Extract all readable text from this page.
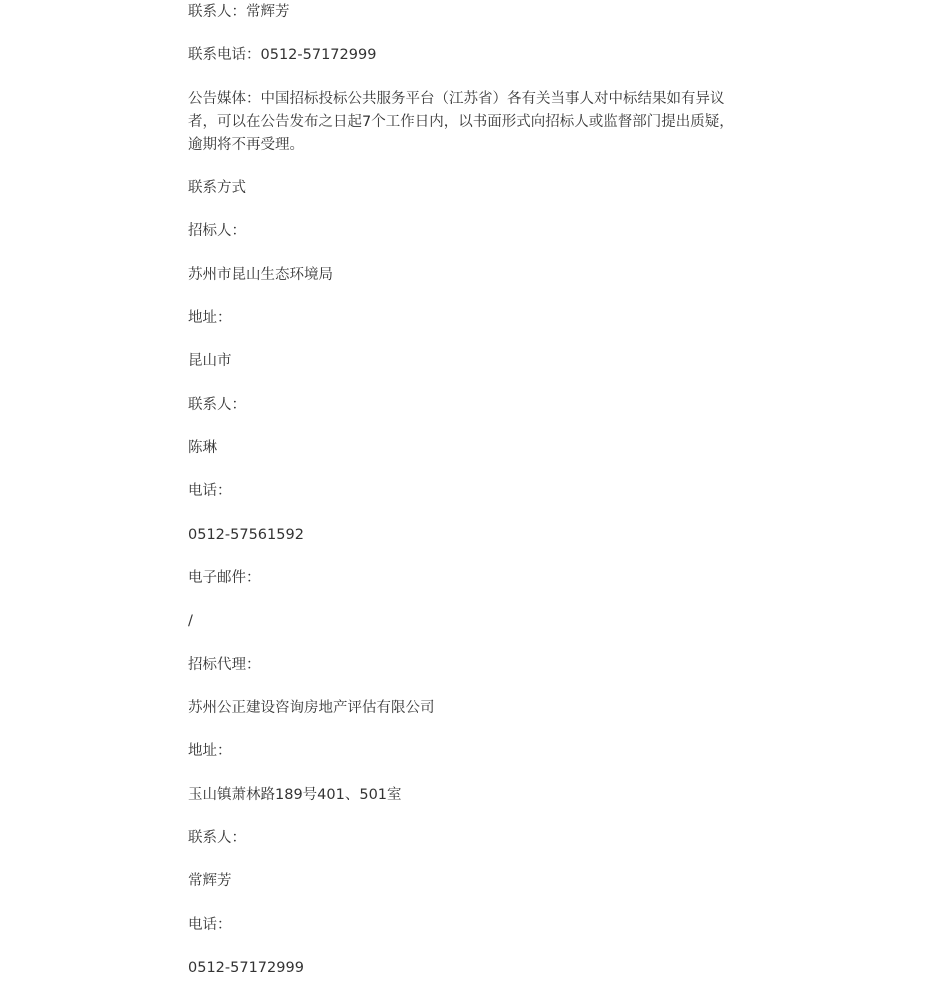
联系人：常辉芳

联系电话：0512-57172999

公告媒体：中国招标投标公共服务平台（江苏省）各有关当事人对中标结果如有异议者，可以在公告发布之日起7个工作日内，以书面形式向招标人或监督部门提出质疑，逾期将不再受理。

联系方式

招标人：

苏州市昆山生态环境局

地址：

昆山市

联系人：

陈琳

电话：

0512-57561592

电子邮件：

/

招标代理：

苏州公正建设咨询房地产评估有限公司

地址：

玉山镇萧林路189号401、501室

联系人：

常辉芳

电话：

0512-57172999
